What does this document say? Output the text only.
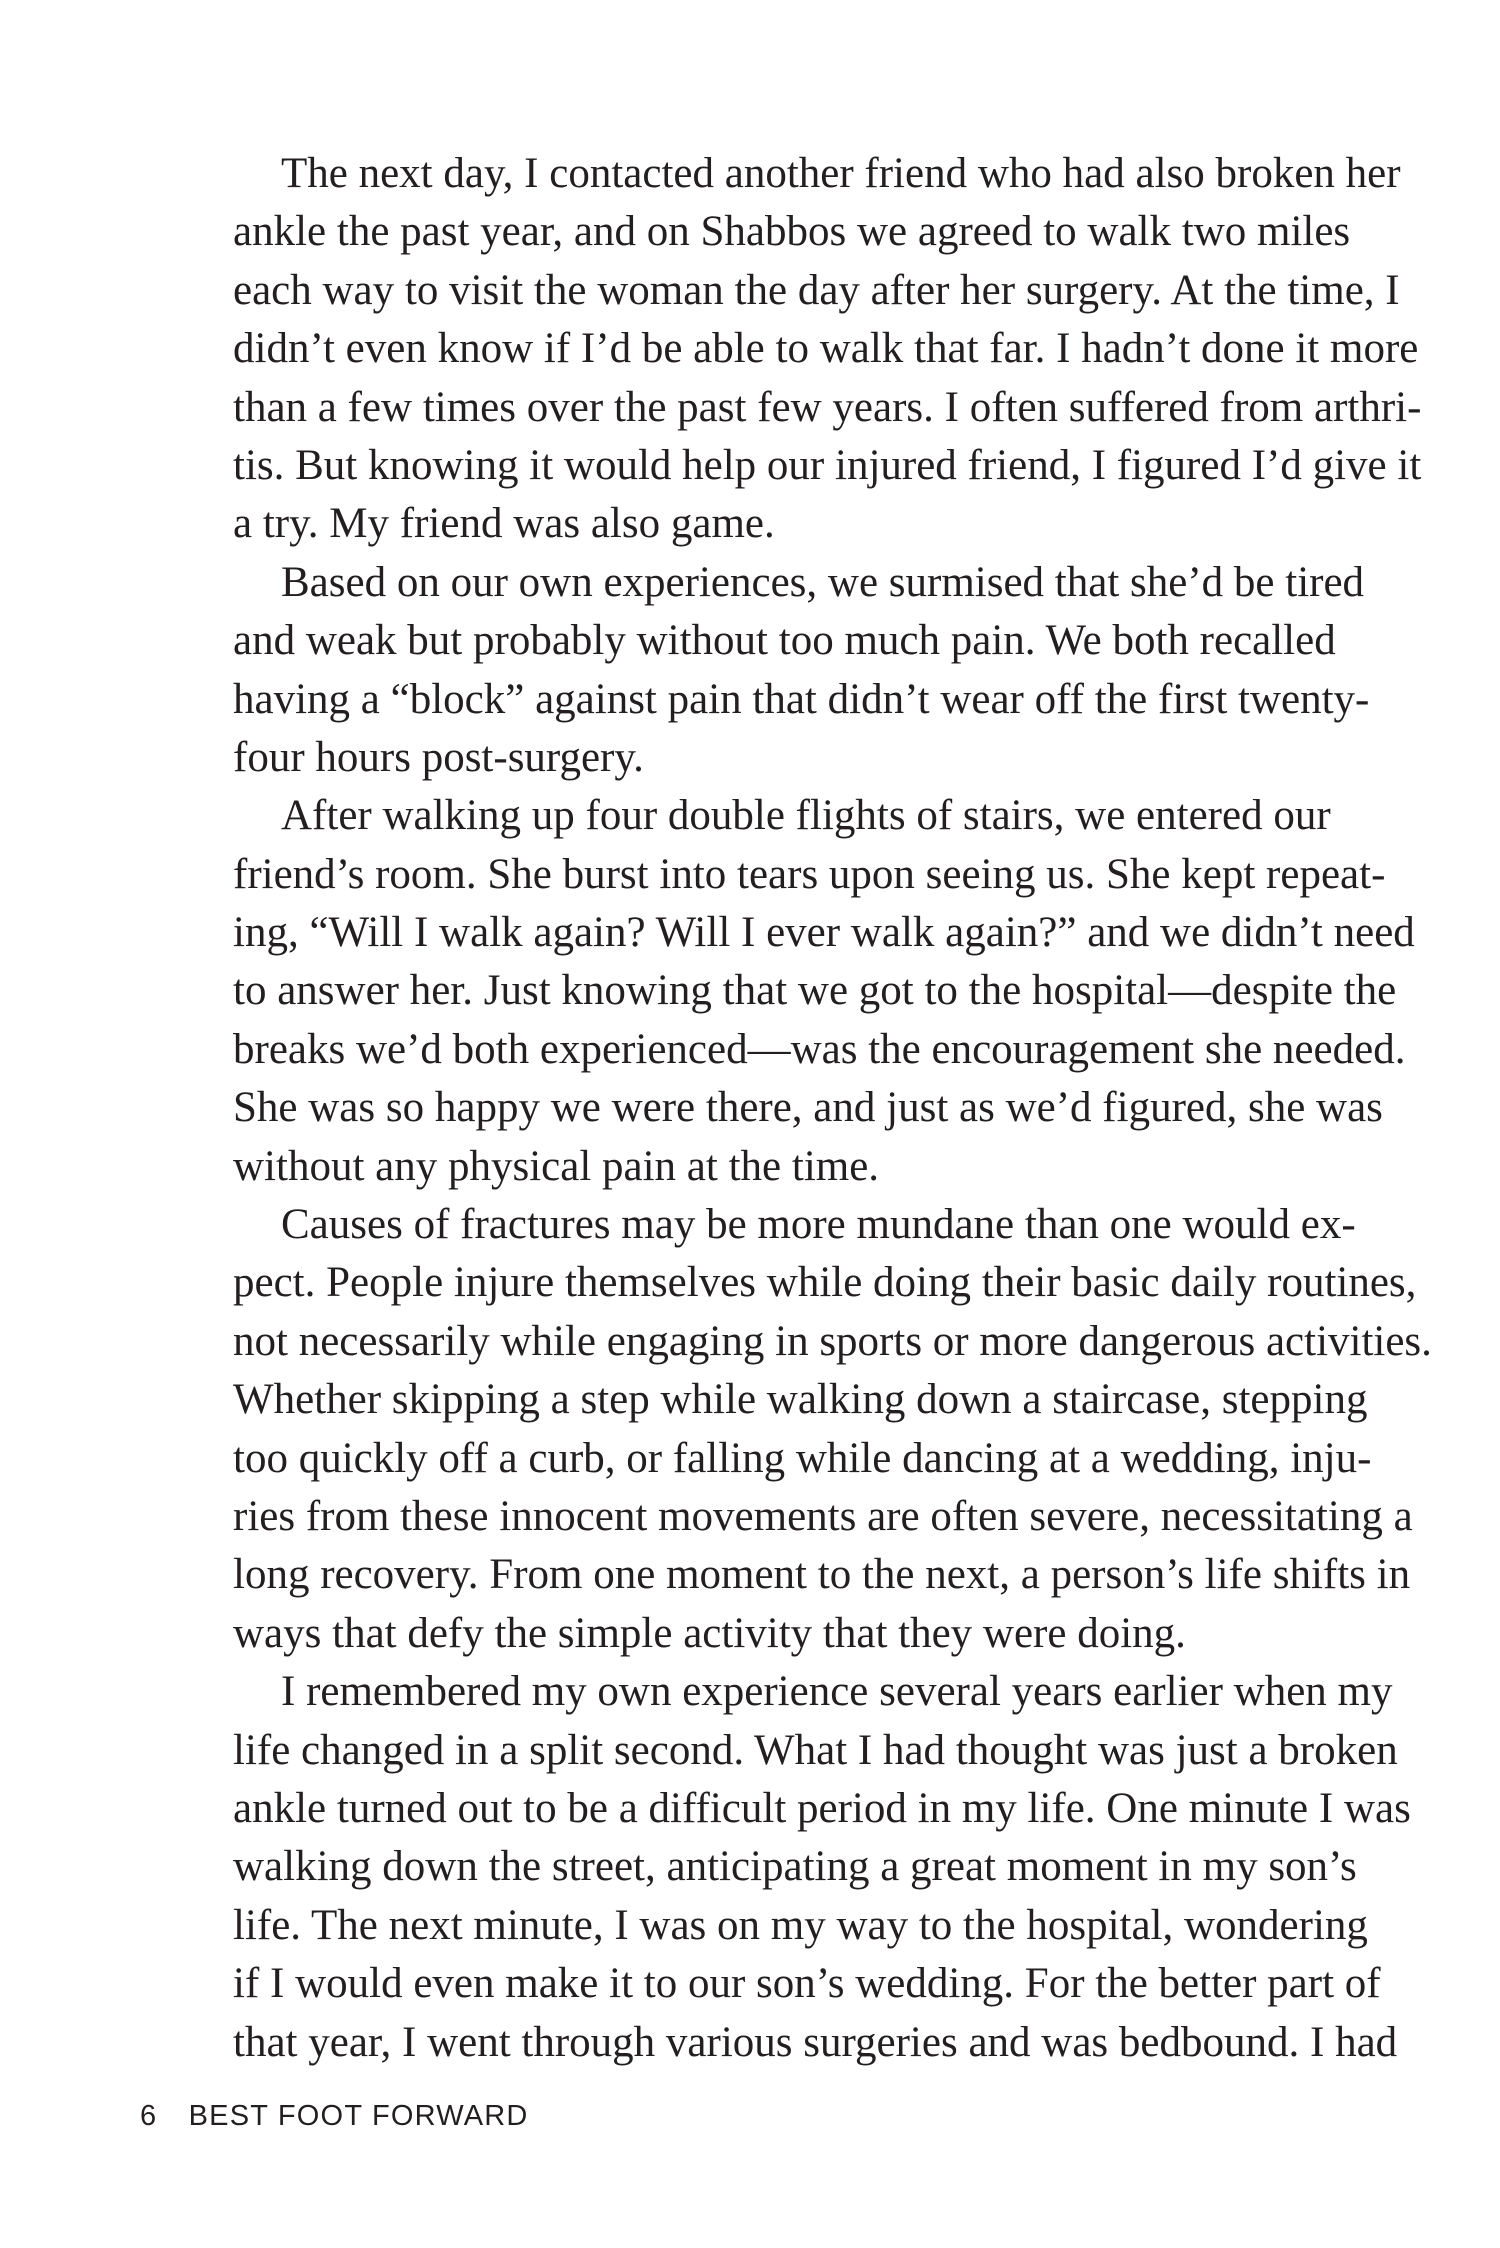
The next day, I contacted another friend who had also broken her
ankle the past year, and on Shabbos we agreed to walk two miles
each way to visit the woman the day after her surgery. At the time, I
didn’t even know if I’d be able to walk that far. I hadn’t done it more
than a few times over the past few years. I often suffered from arthri-
tis. But knowing it would help our injured friend, I figured I’d give it
a try. My friend was also game.
Based on our own experiences, we surmised that she’d be tired
and weak but probably without too much pain. We both recalled
having a “block” against pain that didn’t wear off the first twenty-
four hours post-surgery.
After walking up four double flights of stairs, we entered our
friend’s room. She burst into tears upon seeing us. She kept repeat-
ing, “Will I walk again? Will I ever walk again?” and we didn’t need
to answer her. Just knowing that we got to the hospital—despite the
breaks we’d both experienced—was the encouragement she needed.
She was so happy we were there, and just as we’d figured, she was
without any physical pain at the time.
Causes of fractures may be more mundane than one would ex-
pect. People injure themselves while doing their basic daily routines,
not necessarily while engaging in sports or more dangerous activities.
Whether skipping a step while walking down a staircase, stepping
too quickly off a curb, or falling while dancing at a wedding, inju-
ries from these innocent movements are often severe, necessitating a
long recovery. From one moment to the next, a person’s life shifts in
ways that defy the simple activity that they were doing.
I remembered my own experience several years earlier when my
life changed in a split second. What I had thought was just a broken
ankle turned out to be a difficult period in my life. One minute I was
walking down the street, anticipating a great moment in my son’s
life. The next minute, I was on my way to the hospital, wondering
if I would even make it to our son’s wedding. For the better part of
that year, I went through various surgeries and was bedbound. I had
6 BEST FOOT FORWARD
